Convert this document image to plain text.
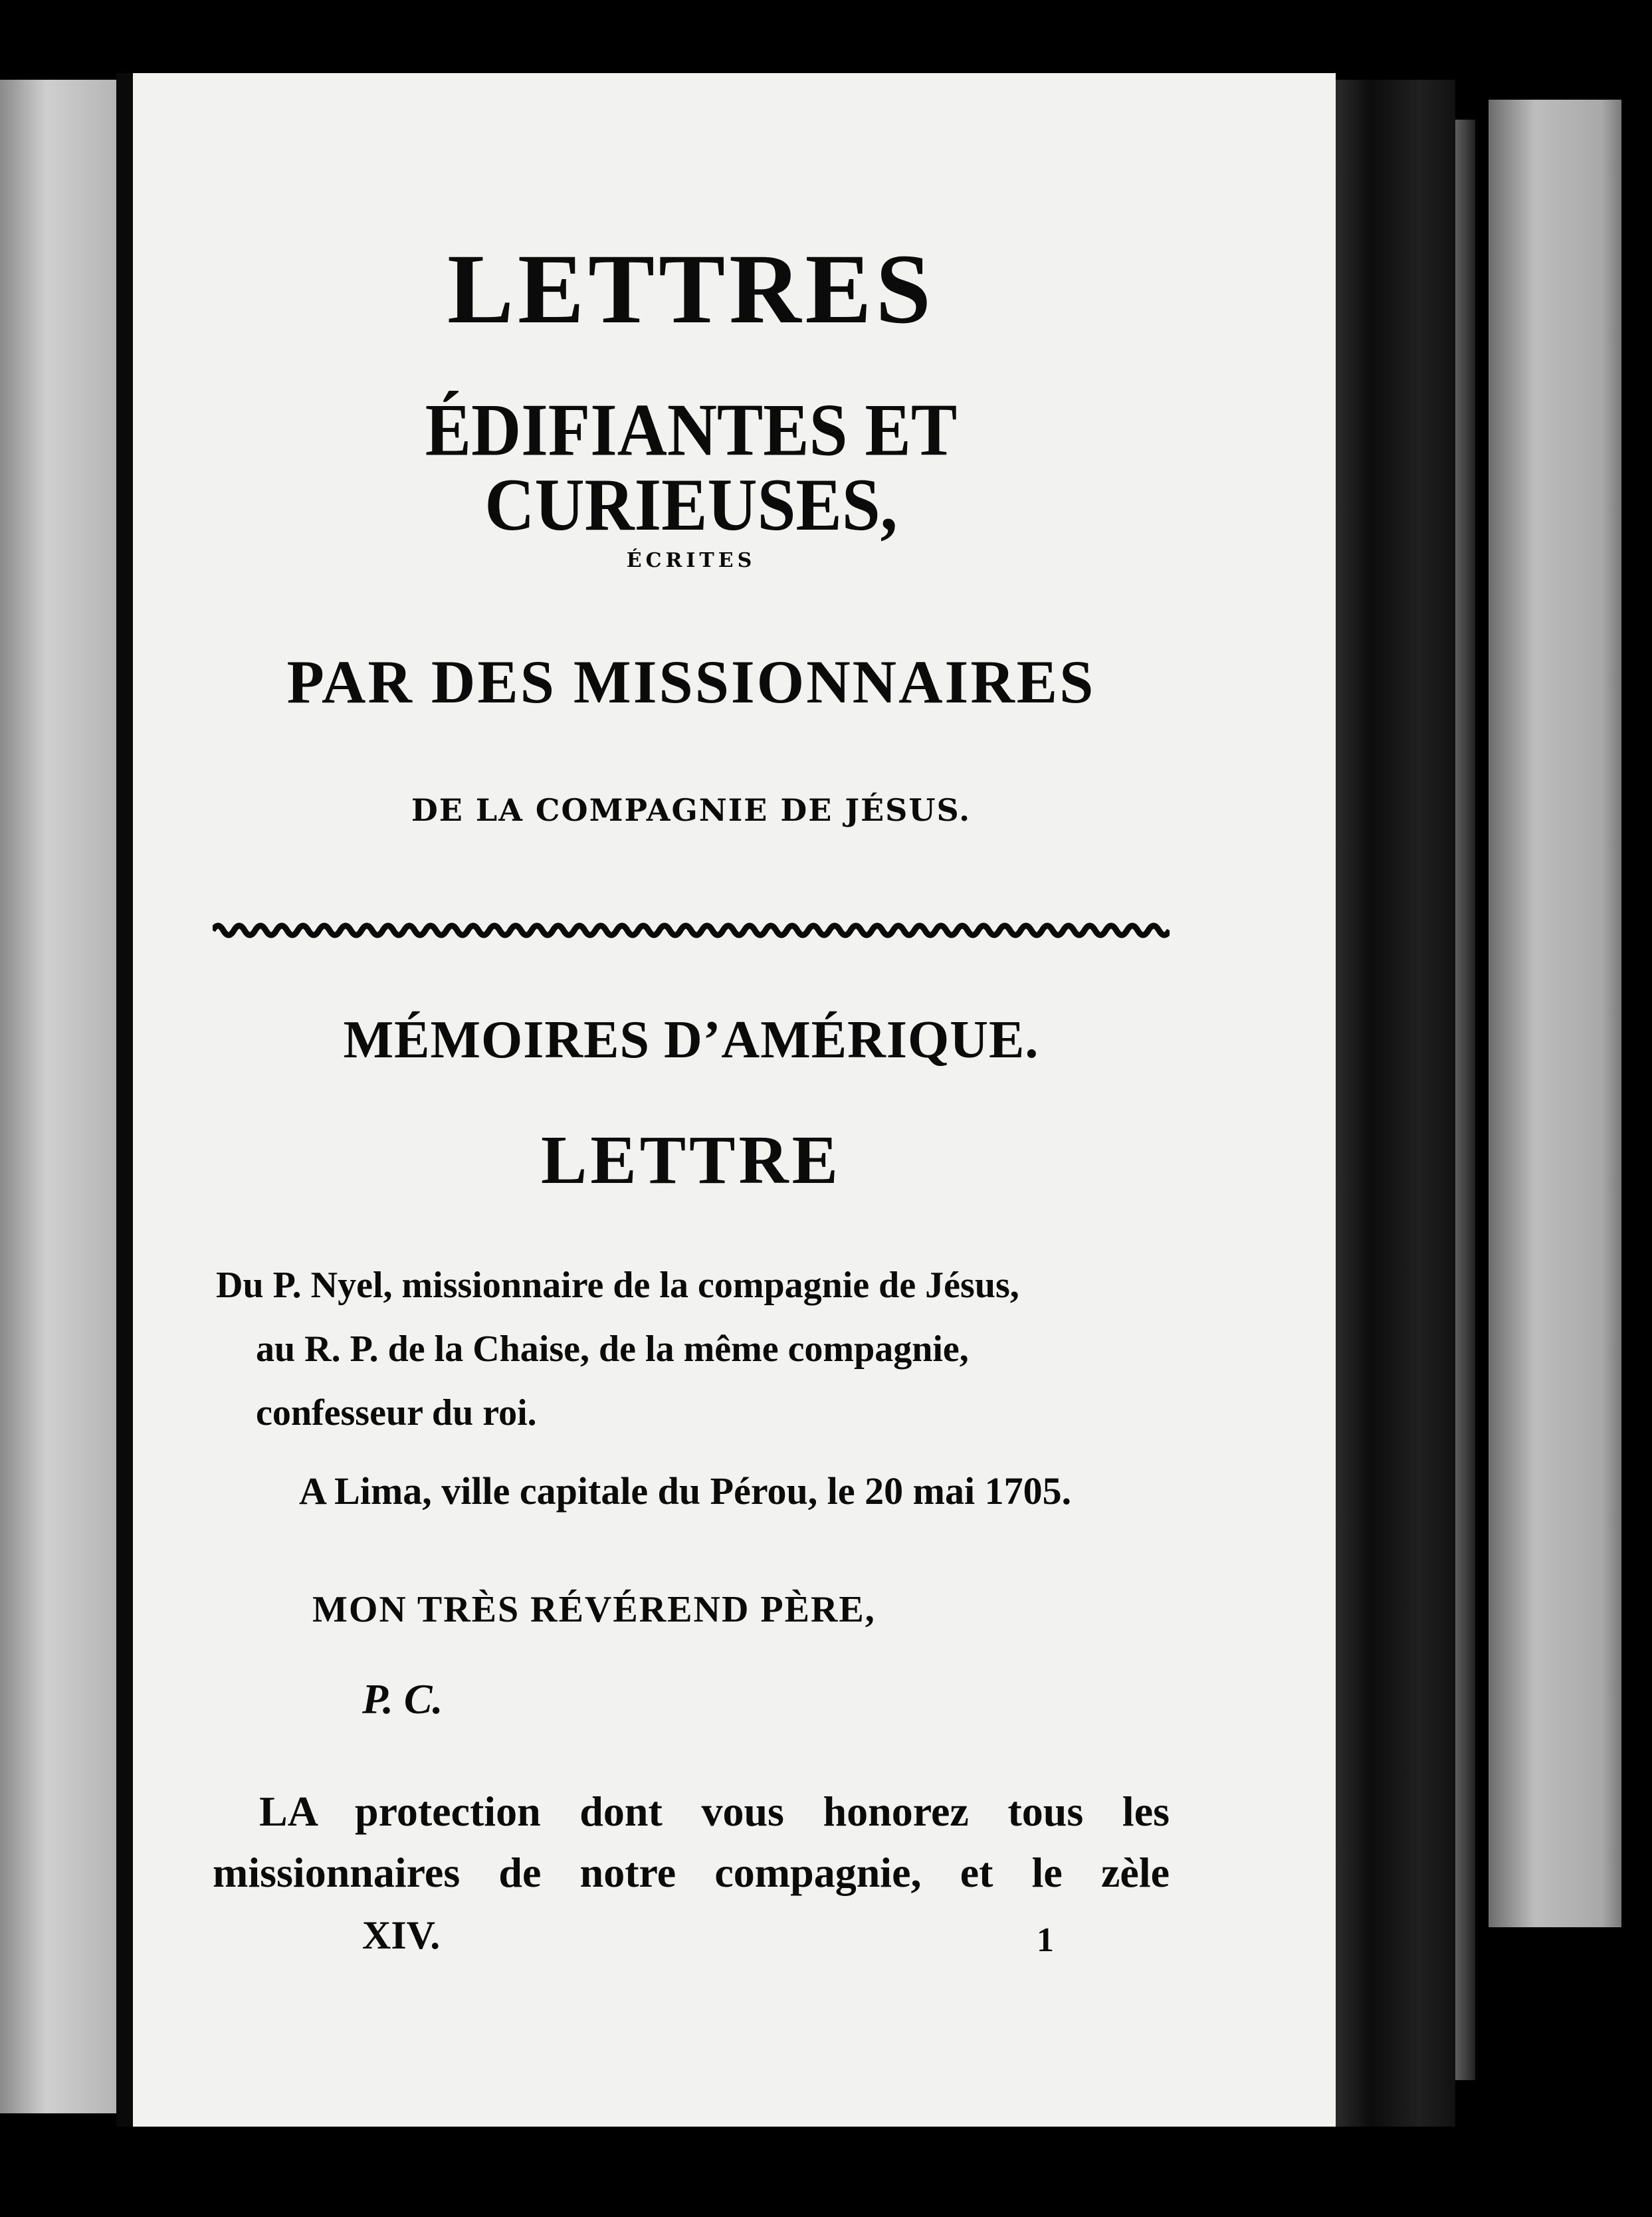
LETTRES
ÉDIFIANTES ET CURIEUSES,
ÉCRITES
PAR DES MISSIONNAIRES
DE LA COMPAGNIE DE JÉSUS.
MÉMOIRES D’AMÉRIQUE.
LETTRE
Du P. Nyel, missionnaire de la compagnie de Jésus,
au R. P. de la Chaise, de la même compagnie,
confesseur du roi.
A Lima, ville capitale du Pérou, le 20 mai 1705.
MON TRÈS RÉVÉREND PÈRE,
P. C.
LA protection dont vous honorez tous les
missionnaires de notre compagnie, et le zèle
XIV.	1
